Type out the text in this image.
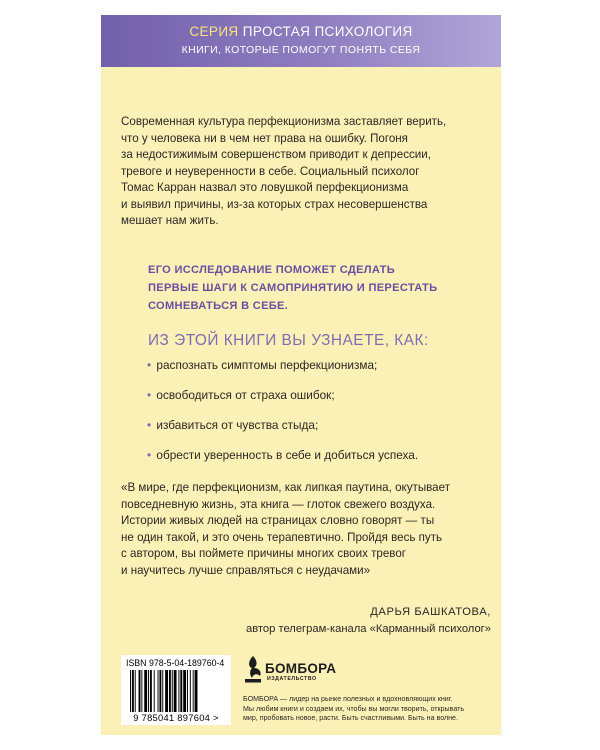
СЕРИЯ ПРОСТАЯ ПСИХОЛОГИЯ
КНИГИ, КОТОРЫЕ ПОМОГУТ ПОНЯТЬ СЕБЯ
Современная культура перфекционизма заставляет верить,
что у человека ни в чем нет права на ошибку. Погоня
за недостижимым совершенством приводит к депрессии,
тревоге и неуверенности в себе. Социальный психолог
Томас Карран назвал это ловушкой перфекционизма
и выявил причины, из-за которых страх несовершенства
мешает нам жить.
ЕГО ИССЛЕДОВАНИЕ ПОМОЖЕТ СДЕЛАТЬ
ПЕРВЫЕ ШАГИ К САМОПРИНЯТИЮ И ПЕРЕСТАТЬ
СОМНЕВАТЬСЯ В СЕБЕ.
ИЗ ЭТОЙ КНИГИ ВЫ УЗНАЕТЕ, КАК:
• распознать симптомы перфекционизма;
• освободиться от страха ошибок;
• избавиться от чувства стыда;
• обрести уверенность в себе и добиться успеха.
«В мире, где перфекционизм, как липкая паутина, окутывает
повседневную жизнь, эта книга — глоток свежего воздуха.
Истории живых людей на страницах словно говорят — ты
не один такой, и это очень терапевтично. Пройдя весь путь
с автором, вы поймете причины многих своих тревог
и научитесь лучше справляться с неудачами»
ДАРЬЯ БАШКАТОВА,
автор телеграм-канала «Карманный психолог»
ISBN 978-5-04-189760-4
9 785041 897604 >
БОМБОРА
ИЗДАТЕЛЬСТВО
БОМБОРА — лидер на рынке полезных и вдохновляющих книг.
Мы любим книги и создаем их, чтобы вы могли творить, открывать
мир, пробовать новое, расти. Быть счастливыми. Быть на волне.
